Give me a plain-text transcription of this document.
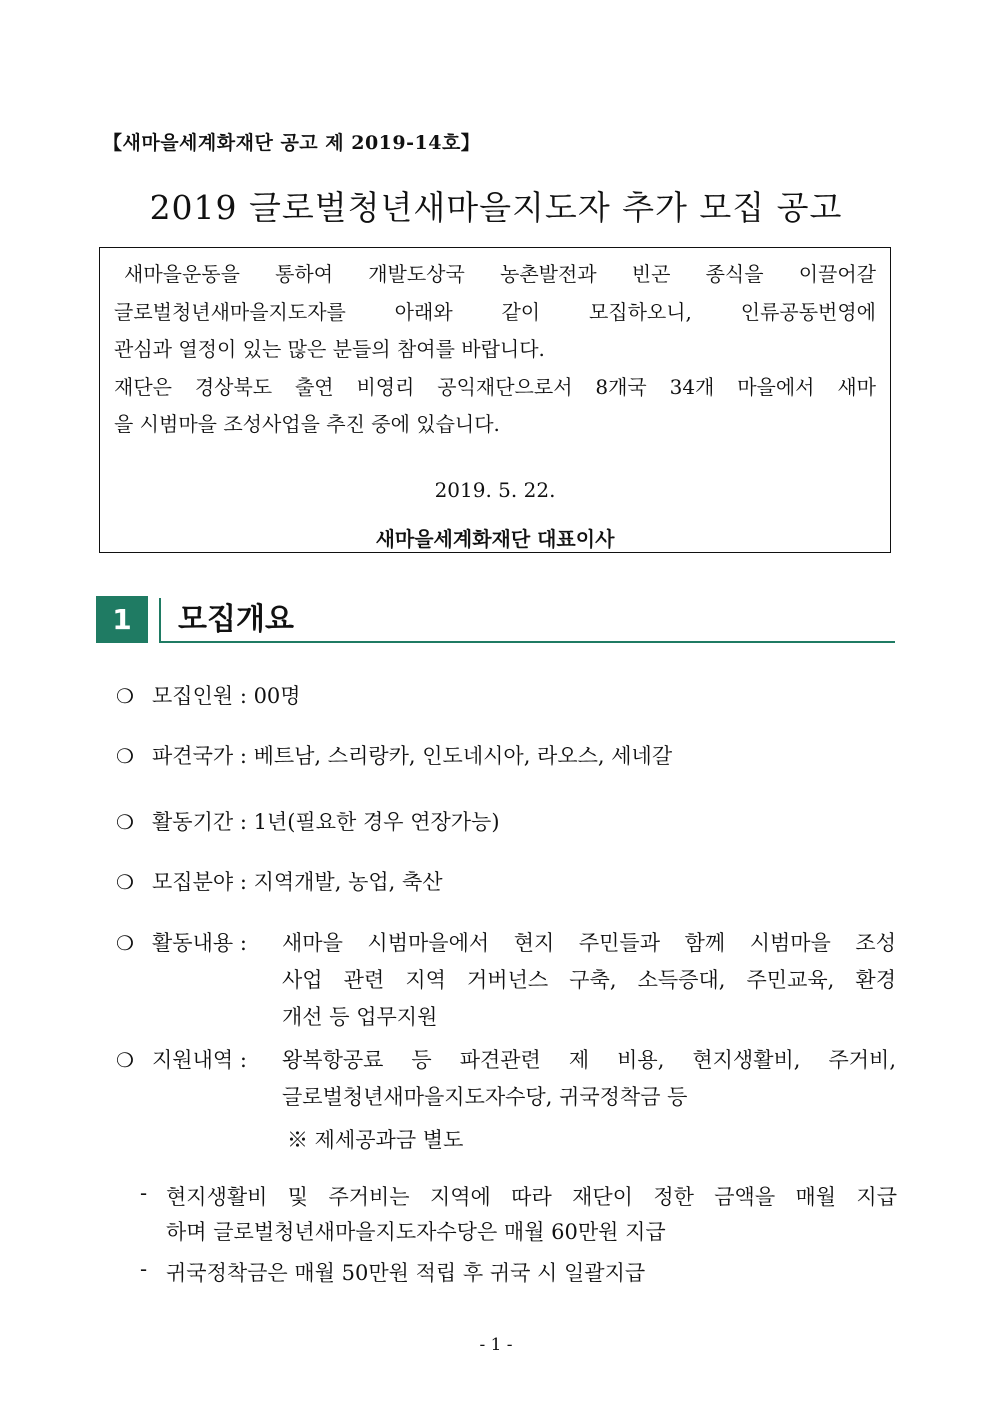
【새마을세계화재단 공고 제 2019-14호】
2019 글로벌청년새마을지도자 추가 모집 공고
새마을운동을 통하여 개발도상국 농촌발전과 빈곤 종식을 이끌어갈
글로벌청년새마을지도자를 아래와 같이 모집하오니, 인류공동번영에
관심과 열정이 있는 많은 분들의 참여를 바랍니다.
재단은 경상북도 출연 비영리 공익재단으로서 8개국 34개 마을에서 새마
을 시범마을 조성사업을 추진 중에 있습니다.
2019. 5. 22.
새마을세계화재단 대표이사
1	모집개요
❍ 모집인원 : 00명
❍ 파견국가 : 베트남, 스리랑카, 인도네시아, 라오스, 세네갈
❍ 활동기간 : 1년(필요한 경우 연장가능)
❍ 모집분야 : 지역개발, 농업, 축산
❍ 활동내용 : 새마을 시범마을에서 현지 주민들과 함께 시범마을 조성
사업 관련 지역 거버넌스 구축, 소득증대, 주민교육, 환경
개선 등 업무지원
❍ 지원내역 : 왕복항공료 등 파견관련 제 비용, 현지생활비, 주거비,
글로벌청년새마을지도자수당, 귀국정착금 등
※ 제세공과금 별도
- 현지생활비 및 주거비는 지역에 따라 재단이 정한 금액을 매월 지급
하며 글로벌청년새마을지도자수당은 매월 60만원 지급
- 귀국정착금은 매월 50만원 적립 후 귀국 시 일괄지급
- 1 -
